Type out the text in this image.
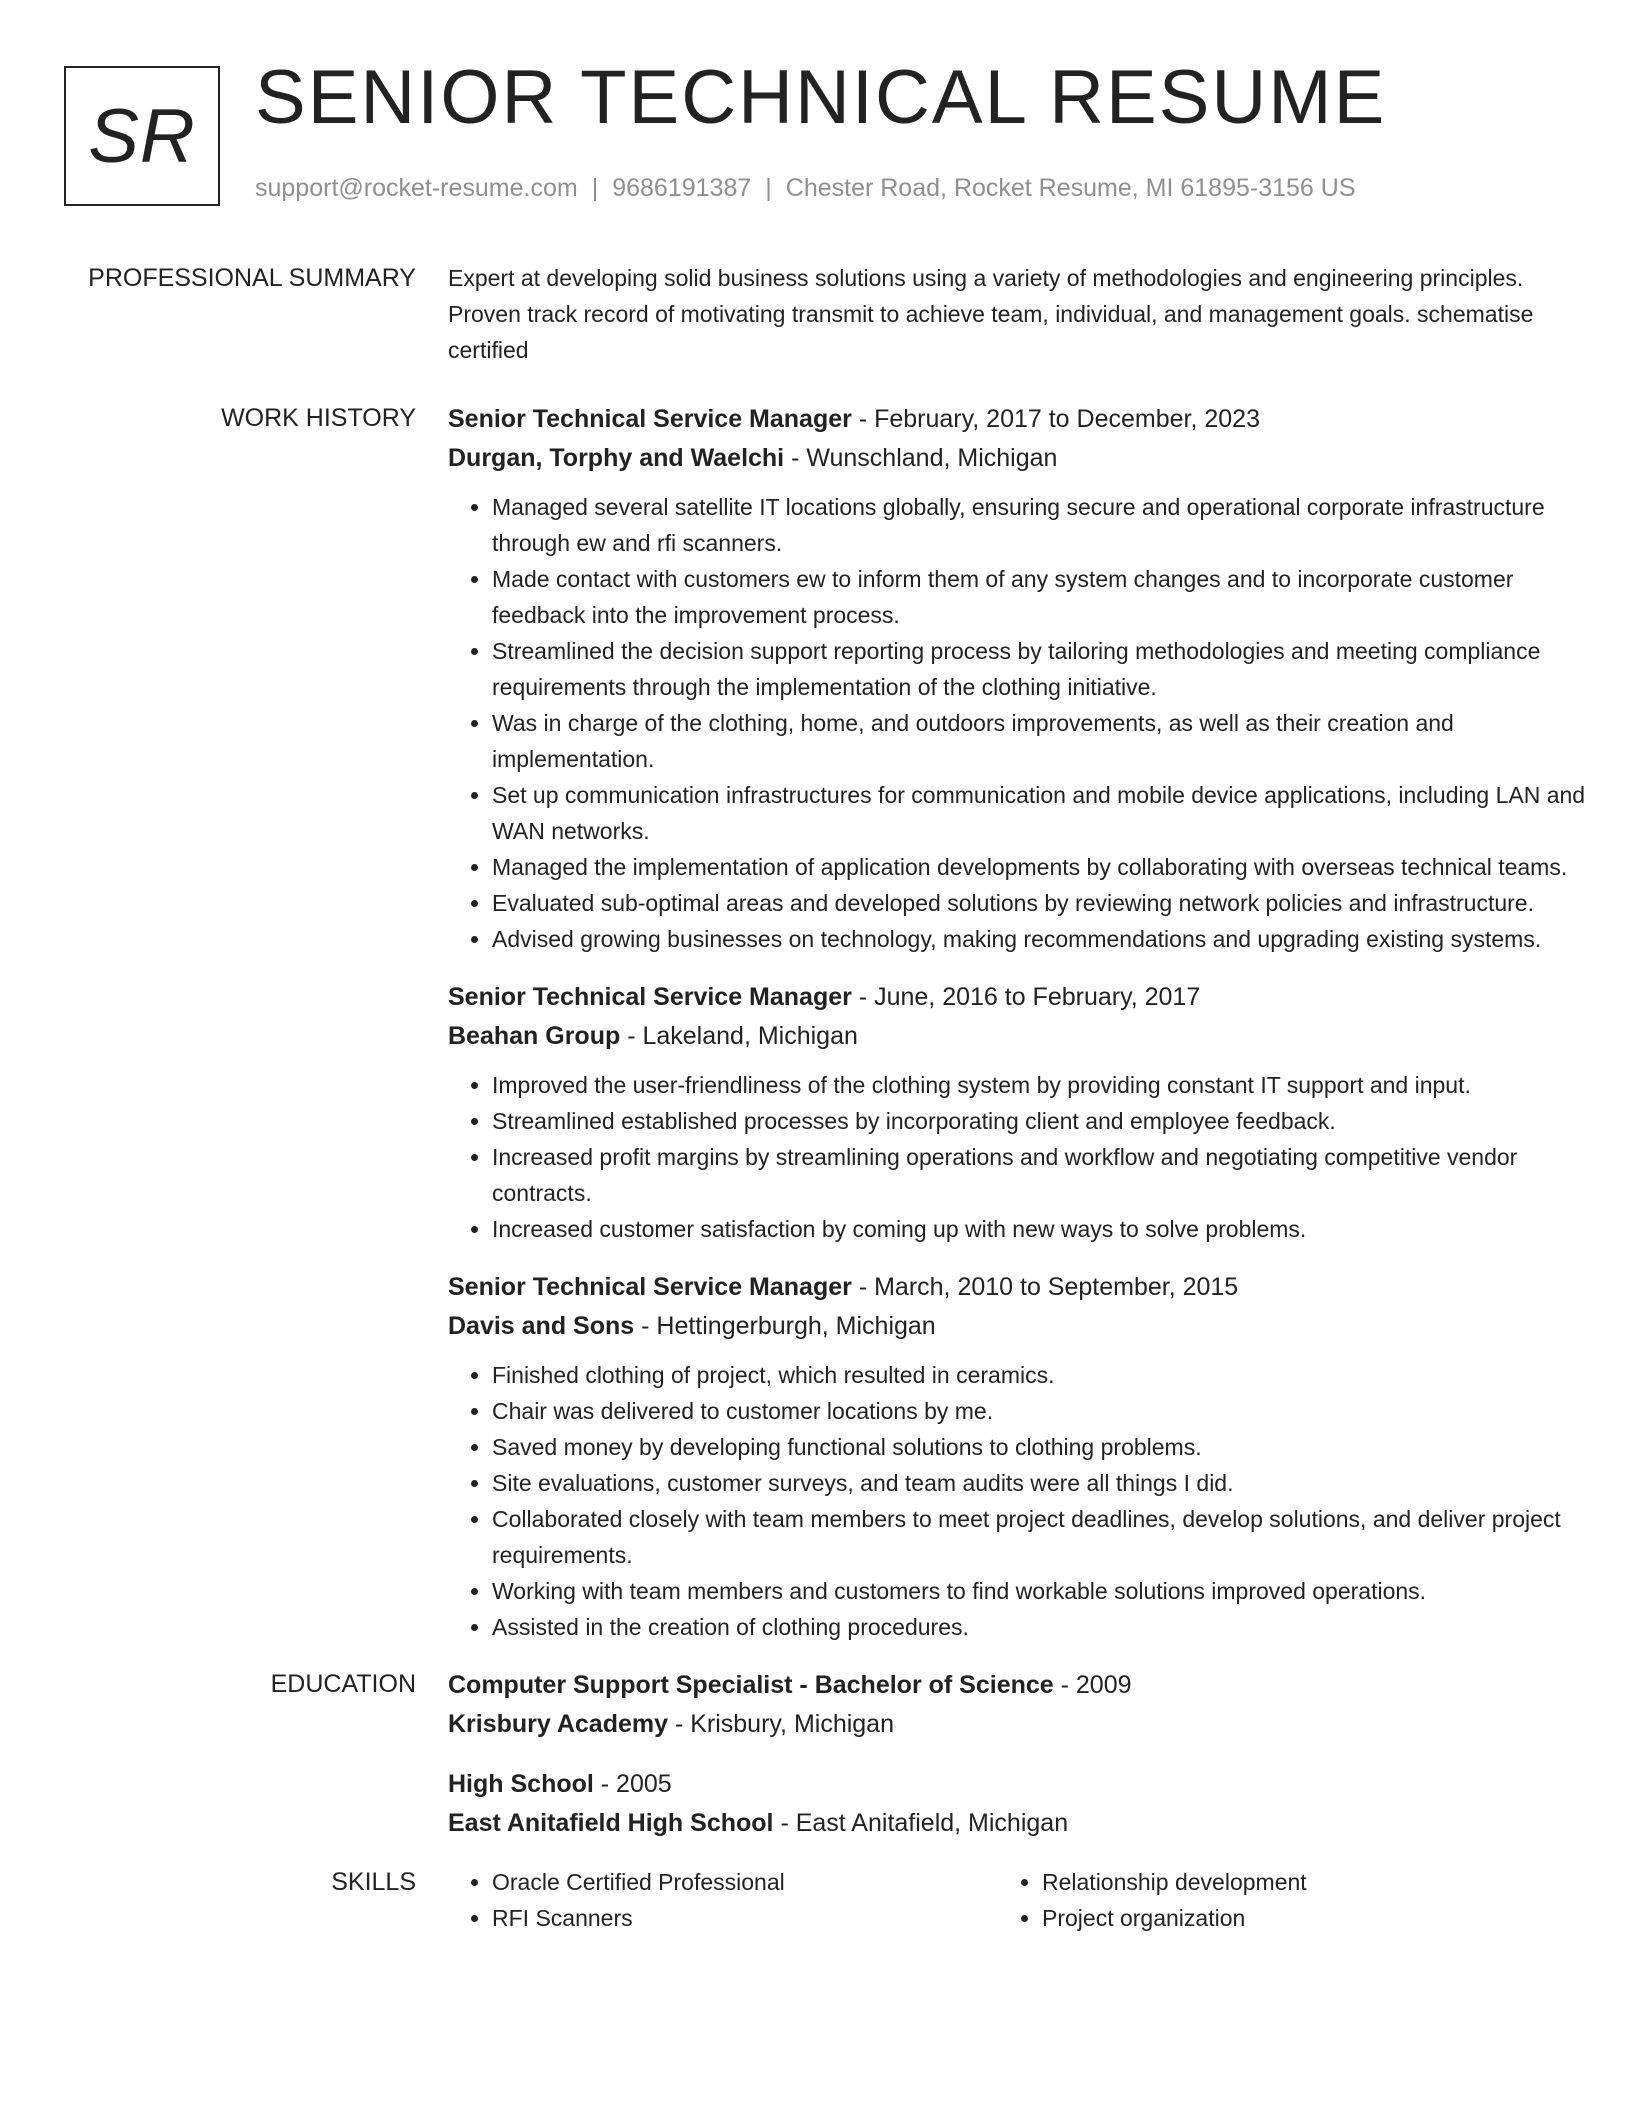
SR SENIOR TECHNICAL RESUME
support@rocket-resume.com | 9686191387 | Chester Road, Rocket Resume, MI 61895-3156 US
PROFESSIONAL SUMMARY Expert at developing solid business solutions using a variety of methodologies and engineering principles. Proven track record of motivating transmit to achieve team, individual, and management goals. schematise certified

WORK HISTORY Senior Technical Service Manager - February, 2017 to December, 2023
Durgan, Torphy and Waelchi - Wunschland, Michigan
• Managed several satellite IT locations globally, ensuring secure and operational corporate infrastructure through ew and rfi scanners.
• Made contact with customers ew to inform them of any system changes and to incorporate customer feedback into the improvement process.
• Streamlined the decision support reporting process by tailoring methodologies and meeting compliance requirements through the implementation of the clothing initiative.
• Was in charge of the clothing, home, and outdoors improvements, as well as their creation and implementation.
• Set up communication infrastructures for communication and mobile device applications, including LAN and WAN networks.
• Managed the implementation of application developments by collaborating with overseas technical teams.
• Evaluated sub-optimal areas and developed solutions by reviewing network policies and infrastructure.
• Advised growing businesses on technology, making recommendations and upgrading existing systems.
Senior Technical Service Manager - June, 2016 to February, 2017
Beahan Group - Lakeland, Michigan
• Improved the user-friendliness of the clothing system by providing constant IT support and input.
• Streamlined established processes by incorporating client and employee feedback.
• Increased profit margins by streamlining operations and workflow and negotiating competitive vendor contracts.
• Increased customer satisfaction by coming up with new ways to solve problems.
Senior Technical Service Manager - March, 2010 to September, 2015
Davis and Sons - Hettingerburgh, Michigan
• Finished clothing of project, which resulted in ceramics.
• Chair was delivered to customer locations by me.
• Saved money by developing functional solutions to clothing problems.
• Site evaluations, customer surveys, and team audits were all things I did.
• Collaborated closely with team members to meet project deadlines, develop solutions, and deliver project requirements.
• Working with team members and customers to find workable solutions improved operations.
• Assisted in the creation of clothing procedures.
EDUCATION Computer Support Specialist - Bachelor of Science - 2009
Krisbury Academy - Krisbury, Michigan
High School - 2005
East Anitafield High School - East Anitafield, Michigan
SKILLS
•	Oracle Certified Professional
• RFI Scanners
• Relationship development
• Project organization
